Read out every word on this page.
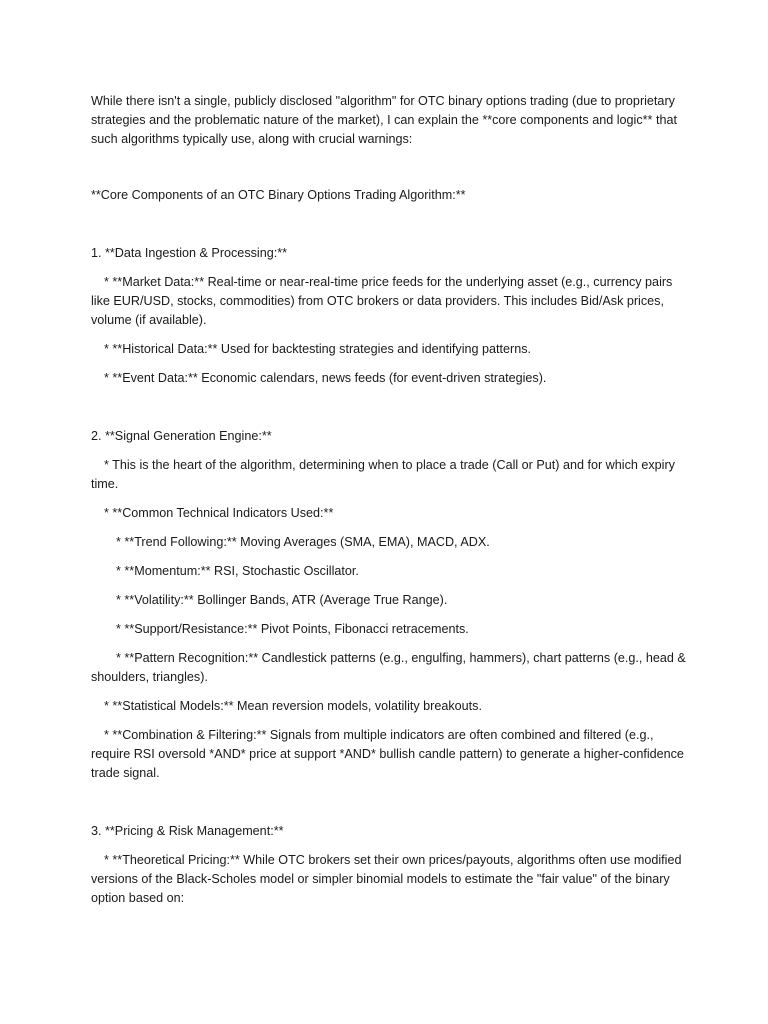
While there isn't a single, publicly disclosed "algorithm" for OTC binary options trading (due to proprietary strategies and the problematic nature of the market), I can explain the **core components and logic** that such algorithms typically use, along with crucial warnings:

**Core Components of an OTC Binary Options Trading Algorithm:**

1. **Data Ingestion & Processing:**

* **Market Data:** Real-time or near-real-time price feeds for the underlying asset (e.g., currency pairs like EUR/USD, stocks, commodities) from OTC brokers or data providers. This includes Bid/Ask prices, volume (if available).

* **Historical Data:** Used for backtesting strategies and identifying patterns.

* **Event Data:** Economic calendars, news feeds (for event-driven strategies).

2. **Signal Generation Engine:**

* This is the heart of the algorithm, determining when to place a trade (Call or Put) and for which expiry time.

* **Common Technical Indicators Used:**

* **Trend Following:** Moving Averages (SMA, EMA), MACD, ADX.

* **Momentum:** RSI, Stochastic Oscillator.

* **Volatility:** Bollinger Bands, ATR (Average True Range).

* **Support/Resistance:** Pivot Points, Fibonacci retracements.

* **Pattern Recognition:** Candlestick patterns (e.g., engulfing, hammers), chart patterns (e.g., head & shoulders, triangles).

* **Statistical Models:** Mean reversion models, volatility breakouts.

* **Combination & Filtering:** Signals from multiple indicators are often combined and filtered (e.g., require RSI oversold *AND* price at support *AND* bullish candle pattern) to generate a higher-confidence trade signal.

3. **Pricing & Risk Management:**

* **Theoretical Pricing:** While OTC brokers set their own prices/payouts, algorithms often use modified versions of the Black-Scholes model or simpler binomial models to estimate the "fair value" of the binary option based on:
